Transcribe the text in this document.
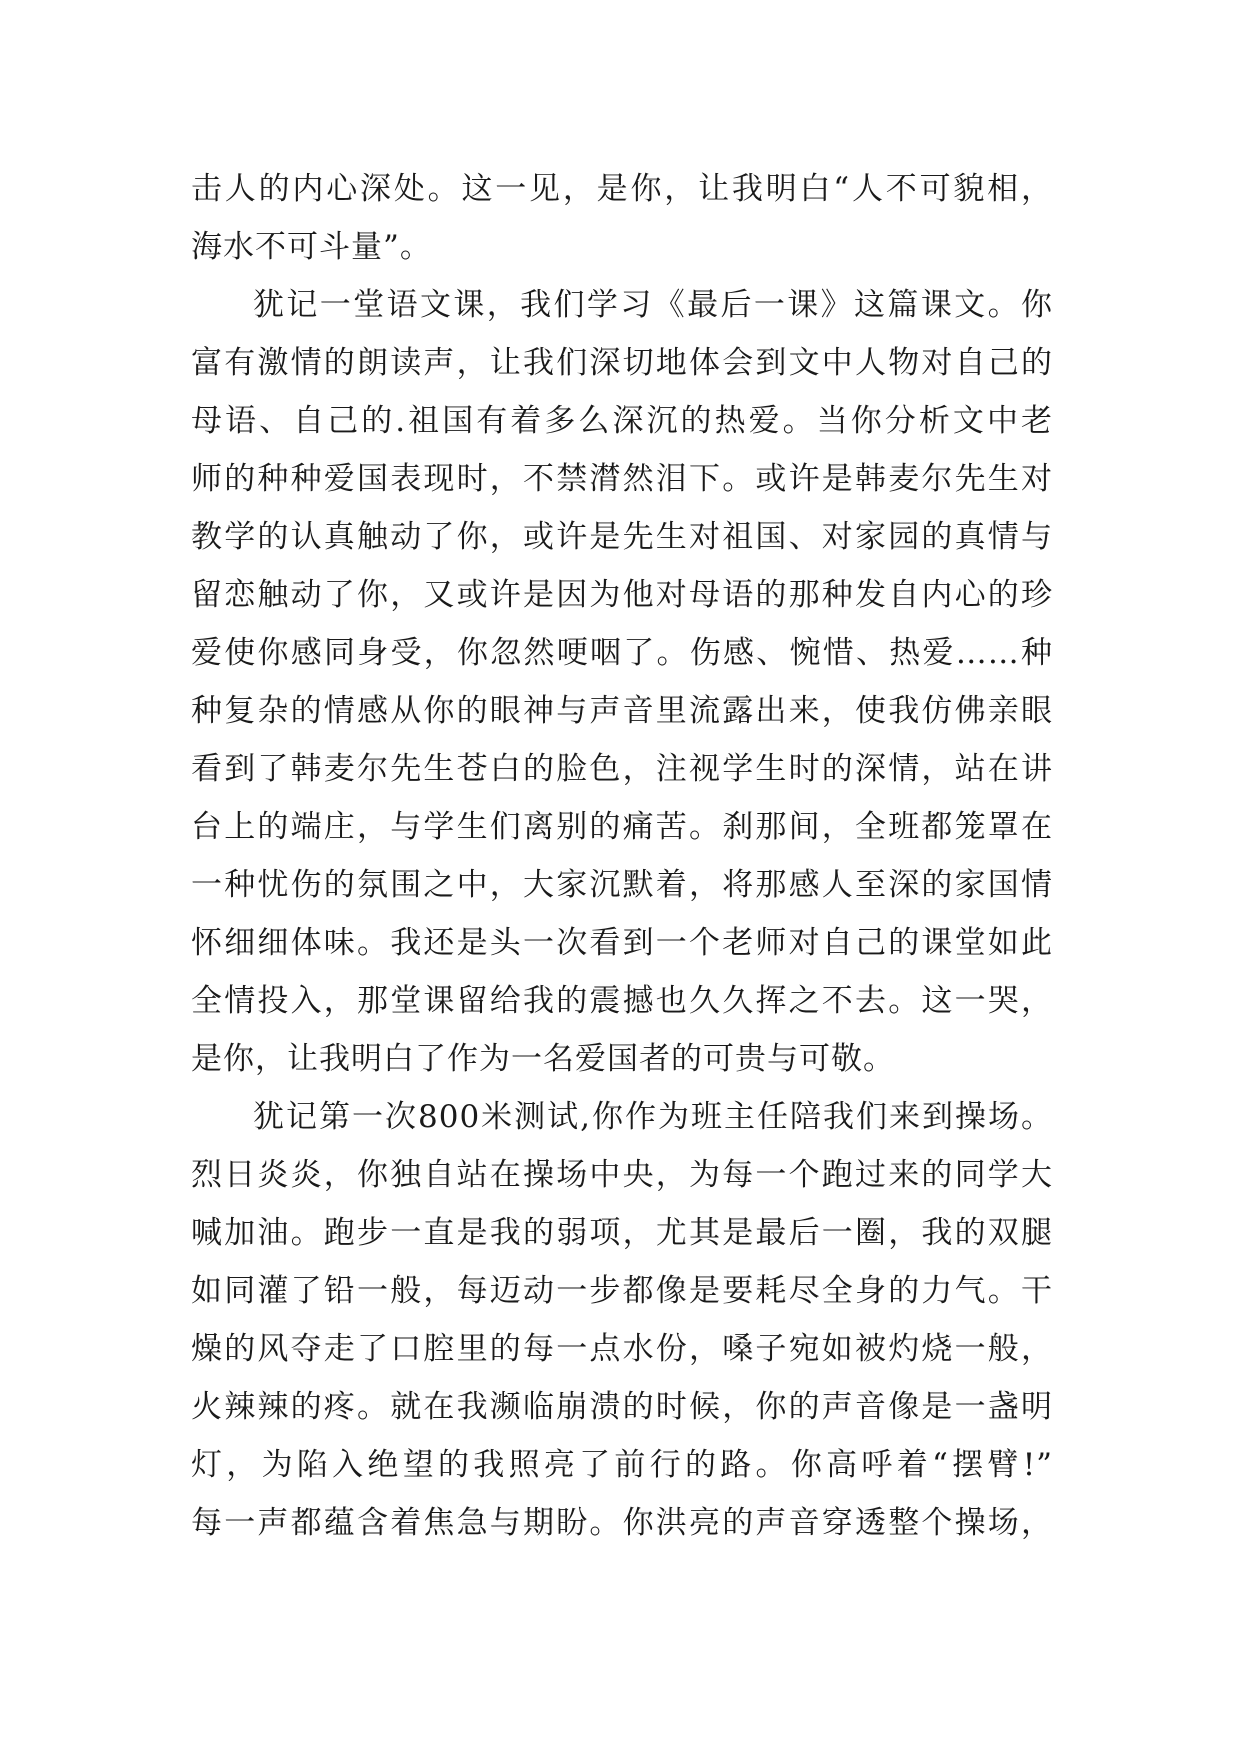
击人的内心深处。这一见，是你，让我明白“人不可貌相，
海水不可斗量”。
犹记一堂语文课，我们学习《最后一课》这篇课文。你
富有激情的朗读声，让我们深切地体会到文中人物对自己的
母语、自己的.祖国有着多么深沉的热爱。当你分析文中老
师的种种爱国表现时，不禁潸然泪下。或许是韩麦尔先生对
教学的认真触动了你，或许是先生对祖国、对家园的真情与
留恋触动了你，又或许是因为他对母语的那种发自内心的珍
爱使你感同身受，你忽然哽咽了。伤感、惋惜、热爱……种
种复杂的情感从你的眼神与声音里流露出来，使我仿佛亲眼
看到了韩麦尔先生苍白的脸色，注视学生时的深情，站在讲
台上的端庄，与学生们离别的痛苦。刹那间，全班都笼罩在
一种忧伤的氛围之中，大家沉默着，将那感人至深的家国情
怀细细体味。我还是头一次看到一个老师对自己的课堂如此
全情投入，那堂课留给我的震撼也久久挥之不去。这一哭，
是你，让我明白了作为一名爱国者的可贵与可敬。
犹记第一次800米测试,你作为班主任陪我们来到操场。
烈日炎炎，你独自站在操场中央，为每一个跑过来的同学大
喊加油。跑步一直是我的弱项，尤其是最后一圈，我的双腿
如同灌了铅一般，每迈动一步都像是要耗尽全身的力气。干
燥的风夺走了口腔里的每一点水份，嗓子宛如被灼烧一般，
火辣辣的疼。就在我濒临崩溃的时候，你的声音像是一盏明
灯，为陷入绝望的我照亮了前行的路。你高呼着“摆臂!”
每一声都蕴含着焦急与期盼。你洪亮的声音穿透整个操场，
